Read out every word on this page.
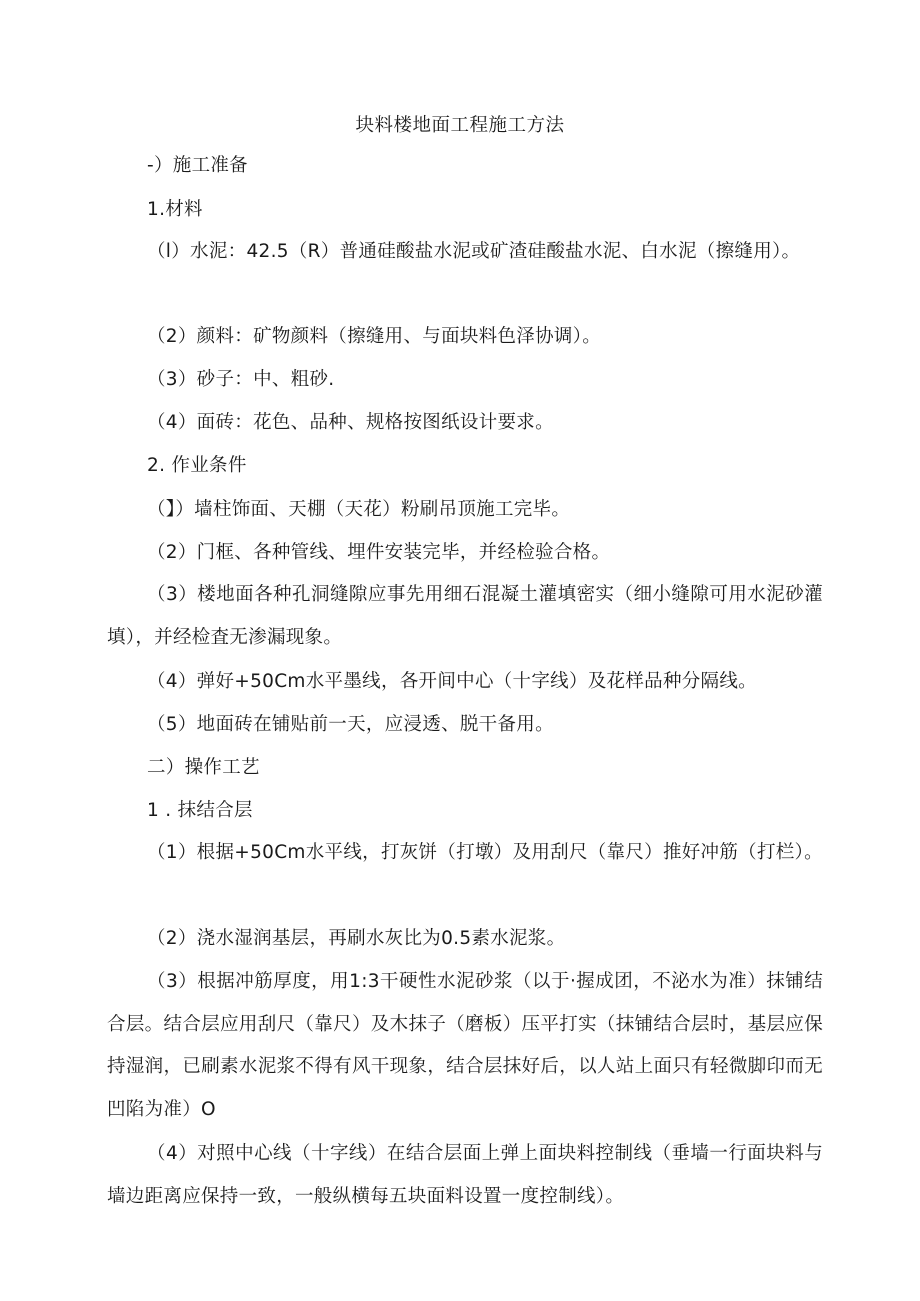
块料楼地面工程施工方法
-）施工准备
1.材料
（l）水泥：42.5（R）普通硅酸盐水泥或矿渣硅酸盐水泥、白水泥（擦缝用）。
（2）颜料：矿物颜料（擦缝用、与面块料色泽协调）。
（3）砂子：中、粗砂.
（4）面砖：花色、品种、规格按图纸设计要求。
2. 作业条件
（】）墙柱饰面、天棚（天花）粉刷吊顶施工完毕。
（2）门框、各种管线、埋件安装完毕，并经检验合格。
（3）楼地面各种孔洞缝隙应事先用细石混凝土灌填密实（细小缝隙可用水泥砂灌填），并经检査无渗漏现象。
（4）弹好+50Cm水平墨线，各开间中心（十字线）及花样品种分隔线。
（5）地面砖在铺贴前一天，应浸透、脱干备用。
二）操作工艺
1 . 抹结合层
（1）根据+50Cm水平线，打灰饼（打墩）及用刮尺（靠尺）推好冲筋（打栏）。
（2）浇水湿润基层，再刷水灰比为0.5素水泥浆。
（3）根据冲筋厚度，用1:3干硬性水泥砂浆（以于·握成团，不泌水为准）抹铺结合层。结合层应用刮尺（靠尺）及木抹子（磨板）压平打实（抹铺结合层时，基层应保持湿润，已刷素水泥浆不得有风干现象，结合层抹好后，以人站上面只有轻微脚印而无凹陷为准）O
（4）对照中心线（十字线）在结合层面上弹上面块料控制线（垂墙一行面块料与墙边距离应保持一致，一般纵横每五块面料设置一度控制线）。
